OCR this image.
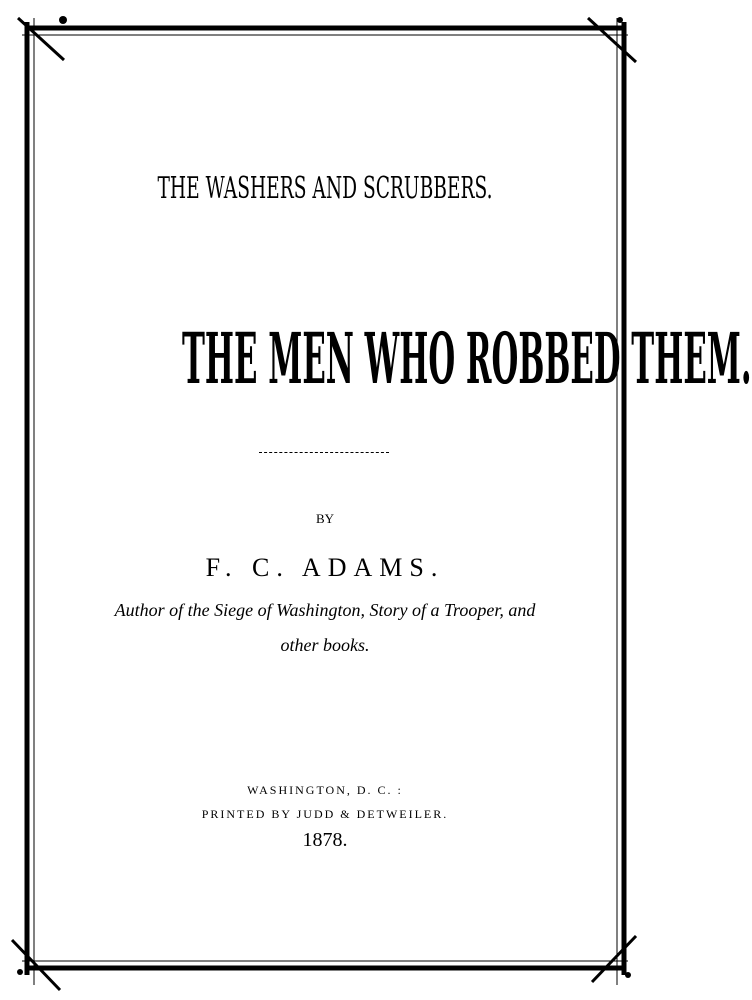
THE WASHERS AND SCRUBBERS.
THE MEN WHO ROBBED THEM.
BY
F. C. ADAMS.
Author of the Siege of Washington, Story of a Trooper, and
other books.
WASHINGTON, D. C. :
PRINTED BY JUDD & DETWEILER.
1878.
